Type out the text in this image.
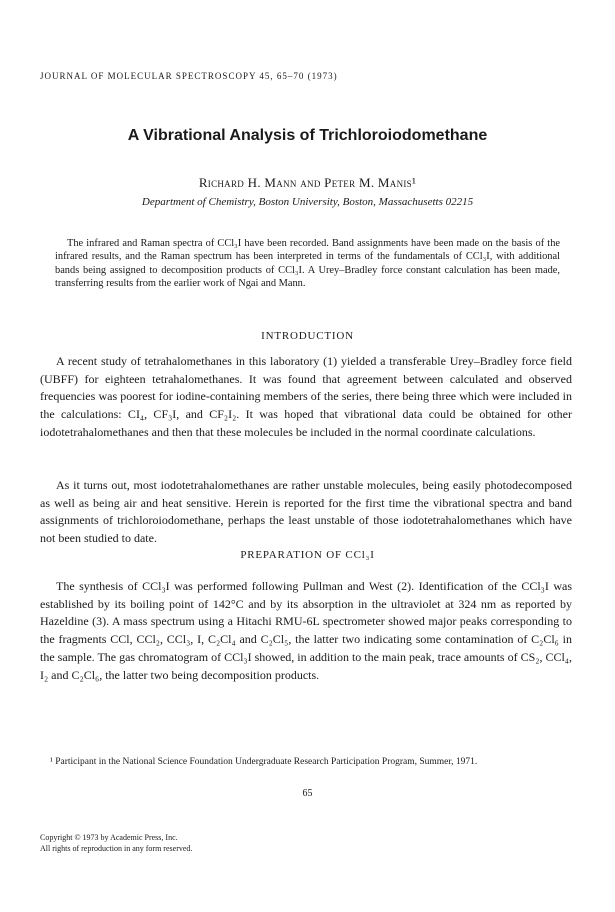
JOURNAL OF MOLECULAR SPECTROSCOPY 45, 65–70 (1973)
A Vibrational Analysis of Trichloroiodomethane
Richard H. Mann and Peter M. Manis¹
Department of Chemistry, Boston University, Boston, Massachusetts 02215

The infrared and Raman spectra of CCl₃I have been recorded. Band assignments have been made on the basis of the infrared results, and the Raman spectrum has been interpreted in terms of the fundamentals of CCl₃I, with additional bands being assigned to decomposition products of CCl₃I. A Urey–Bradley force constant calculation has been made, transferring results from the earlier work of Ngai and Mann.

INTRODUCTION

A recent study of tetrahalomethanes in this laboratory (1) yielded a transferable Urey–Bradley force field (UBFF) for eighteen tetrahalomethanes. It was found that agreement between calculated and observed frequencies was poorest for iodine-containing members of the series, there being three which were included in the calculations: CI₄, CF₃I, and CF₂I₂. It was hoped that vibrational data could be obtained for other iodotetrahalomethanes and then that these molecules be included in the normal coordinate calculations.

As it turns out, most iodotetrahalomethanes are rather unstable molecules, being easily photodecomposed as well as being air and heat sensitive. Herein is reported for the first time the vibrational spectra and band assignments of trichloroiodomethane, perhaps the least unstable of those iodotetrahalomethanes which have not been studied to date.

PREPARATION OF CCl₃I

The synthesis of CCl₃I was performed following Pullman and West (2). Identification of the CCl₃I was established by its boiling point of 142°C and by its absorption in the ultraviolet at 324 nm as reported by Hazeldine (3). A mass spectrum using a Hitachi RMU-6L spectrometer showed major peaks corresponding to the fragments CCl, CCl₂, CCl₃, I, C₂Cl₄ and C₂Cl₅, the latter two indicating some contamination of C₂Cl₆ in the sample. The gas chromatogram of CCl₃I showed, in addition to the main peak, trace amounts of CS₂, CCl₄, I₂ and C₂Cl₆, the latter two being decomposition products.

¹ Participant in the National Science Foundation Undergraduate Research Participation Program, Summer, 1971.

65
Copyright © 1973 by Academic Press, Inc.
All rights of reproduction in any form reserved.
